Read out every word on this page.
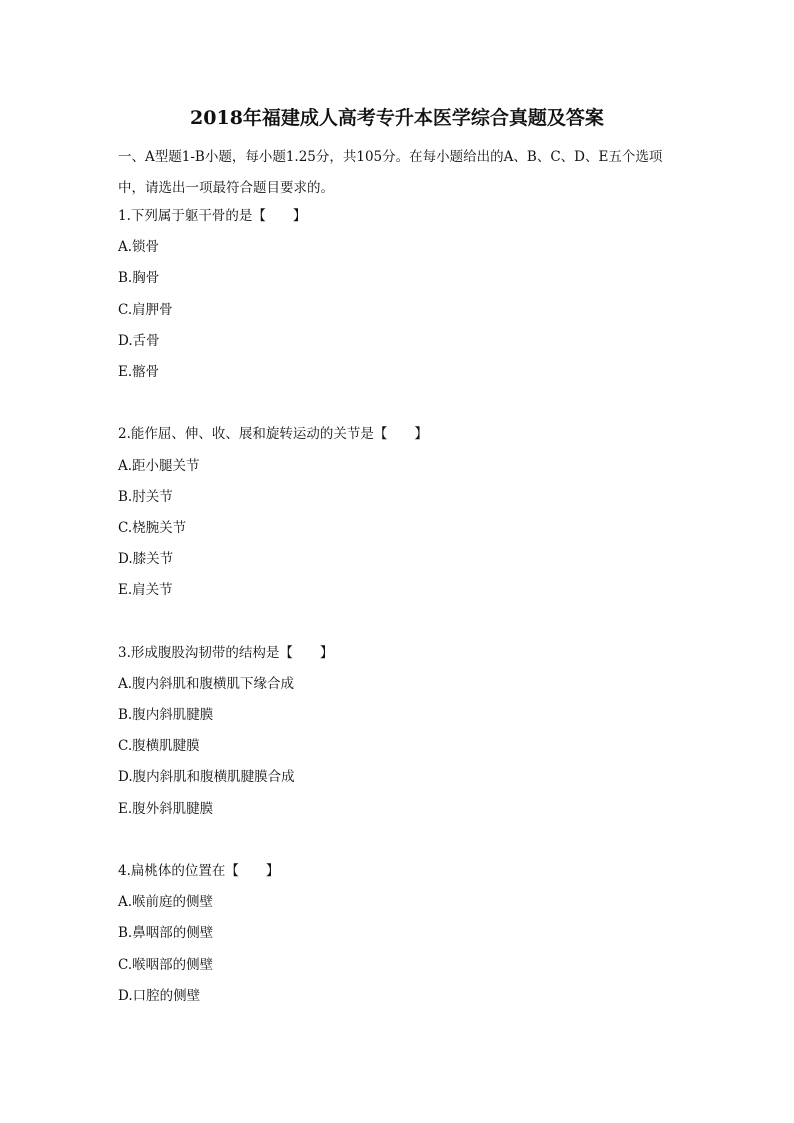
2018年福建成人高考专升本医学综合真题及答案

一、A型题1-B小题，每小题1.25分，共105分。在每小题给出的A、B、C、D、E五个选项中，请选出一项最符合题目要求的。

1.下列属于躯干骨的是【　　】
A.锁骨
B.胸骨
C.肩胛骨
D.舌骨
E.髂骨
2.能作屈、伸、收、展和旋转运动的关节是【　　】
A.距小腿关节
B.肘关节
C.桡腕关节
D.膝关节
E.肩关节
3.形成腹股沟韧带的结构是【　　】
A.腹内斜肌和腹横肌下缘合成
B.腹内斜肌腱膜
C.腹横肌腱膜
D.腹内斜肌和腹横肌腱膜合成
E.腹外斜肌腱膜
4.扁桃体的位置在【　　】
A.喉前庭的侧壁
B.鼻咽部的侧壁
C.喉咽部的侧壁
D.口腔的侧壁
